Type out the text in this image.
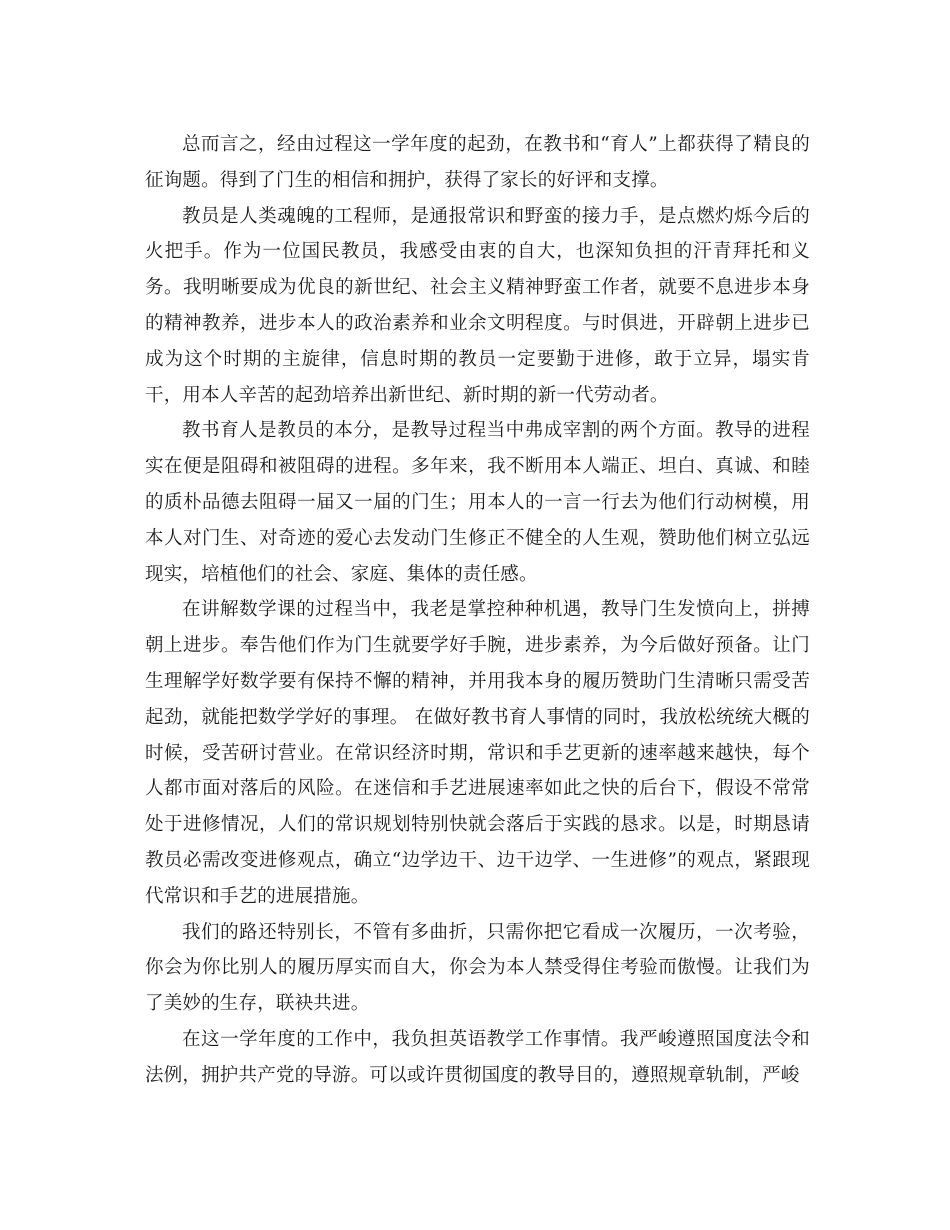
总而言之，经由过程这一学年度的起劲，在教书和“育人”上都获得了精良的征询题。得到了门生的相信和拥护，获得了家长的好评和支撑。

教员是人类魂魄的工程师，是通报常识和野蛮的接力手，是点燃灼烁今后的火把手。作为一位国民教员，我感受由衷的自大，也深知负担的汗青拜托和义务。我明晰要成为优良的新世纪、社会主义精神野蛮工作者，就要不息进步本身的精神教养，进步本人的政治素养和业余文明程度。与时俱进，开辟朝上进步已成为这个时期的主旋律，信息时期的教员一定要勤于进修，敢于立异，塌实肯干，用本人辛苦的起劲培养出新世纪、新时期的新一代劳动者。

教书育人是教员的本分，是教导过程当中弗成宰割的两个方面。教导的进程实在便是阻碍和被阻碍的进程。多年来，我不断用本人端正、坦白、真诚、和睦的质朴品德去阻碍一届又一届的门生；用本人的一言一行去为他们行动树模，用本人对门生、对奇迹的爱心去发动门生修正不健全的人生观，赞助他们树立弘远现实，培植他们的社会、家庭、集体的责任感。

在讲解数学课的过程当中，我老是掌控种种机遇，教导门生发愤向上，拼搏朝上进步。奉告他们作为门生就要学好手腕，进步素养，为今后做好预备。让门生理解学好数学要有保持不懈的精神，并用我本身的履历赞助门生清晰只需受苦起劲，就能把数学学好的事理。 在做好教书育人事情的同时，我放松统统大概的时候，受苦研讨营业。在常识经济时期，常识和手艺更新的速率越来越快，每个人都市面对落后的风险。在迷信和手艺进展速率如此之快的后台下，假设不常常处于进修情况，人们的常识规划特别快就会落后于实践的恳求。以是，时期恳请教员必需改变进修观点，确立“边学边干、边干边学、一生进修”的观点，紧跟现代常识和手艺的进展措施。

我们的路还特别长，不管有多曲折，只需你把它看成一次履历，一次考验，你会为你比别人的履历厚实而自大，你会为本人禁受得住考验而傲慢。让我们为了美妙的生存，联袂共进。

在这一学年度的工作中，我负担英语教学工作事情。我严峻遵照国度法令和法例，拥护共产党的导游。可以或许贯彻国度的教导目的，遵照规章轨制，严峻
